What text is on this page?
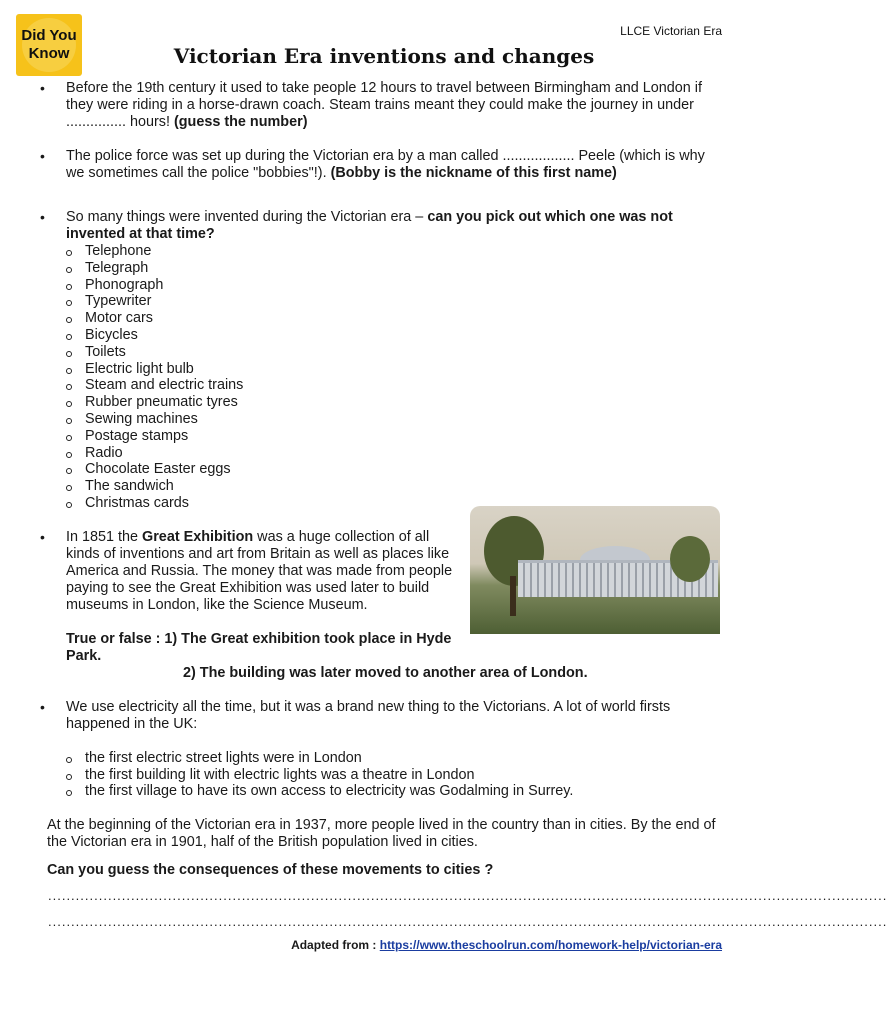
Did You
Know
LLCE Victorian Era
Victorian Era inventions and changes
• Before the 19th century it used to take people 12 hours to travel between Birmingham and London if they were riding in a horse-drawn coach. Steam trains meant they could make the journey in under ............... hours! (guess the number)
• The police force was set up during the Victorian era by a man called .................. Peele (which is why we sometimes call the police "bobbies"!). (Bobby is the nickname of this first name)
• So many things were invented during the Victorian era – can you pick out which one was not invented at that time?
Telephone
Telegraph
Phonograph
Typewriter
Motor cars
Bicycles
Toilets
Electric light bulb
Steam and electric trains
Rubber pneumatic tyres
Sewing machines
Postage stamps
Radio
Chocolate Easter eggs
The sandwich
Christmas cards
• In 1851 the Great Exhibition was a huge collection of all kinds of inventions and art from Britain as well as places like America and Russia. The money that was made from people paying to see the Great Exhibition was used later to build museums in London, like the Science Museum.
True or false : 1) The Great exhibition took place in Hyde Park.
2) The building was later moved to another area of London.
• We use electricity all the time, but it was a brand new thing to the Victorians. A lot of world firsts happened in the UK:
the first electric street lights were in London
the first building lit with electric lights was a theatre in London
the first village to have its own access to electricity was Godalming in Surrey.
At the beginning of the Victorian era in 1937, more people lived in the country than in cities. By the end of the Victorian era in 1901, half of the British population lived in cities.
Can you guess the consequences of these movements to cities ?
......................................................................................................................................................................................
......................................................................................................................................................................................
Adapted from : https://www.theschoolrun.com/homework-help/victorian-era
